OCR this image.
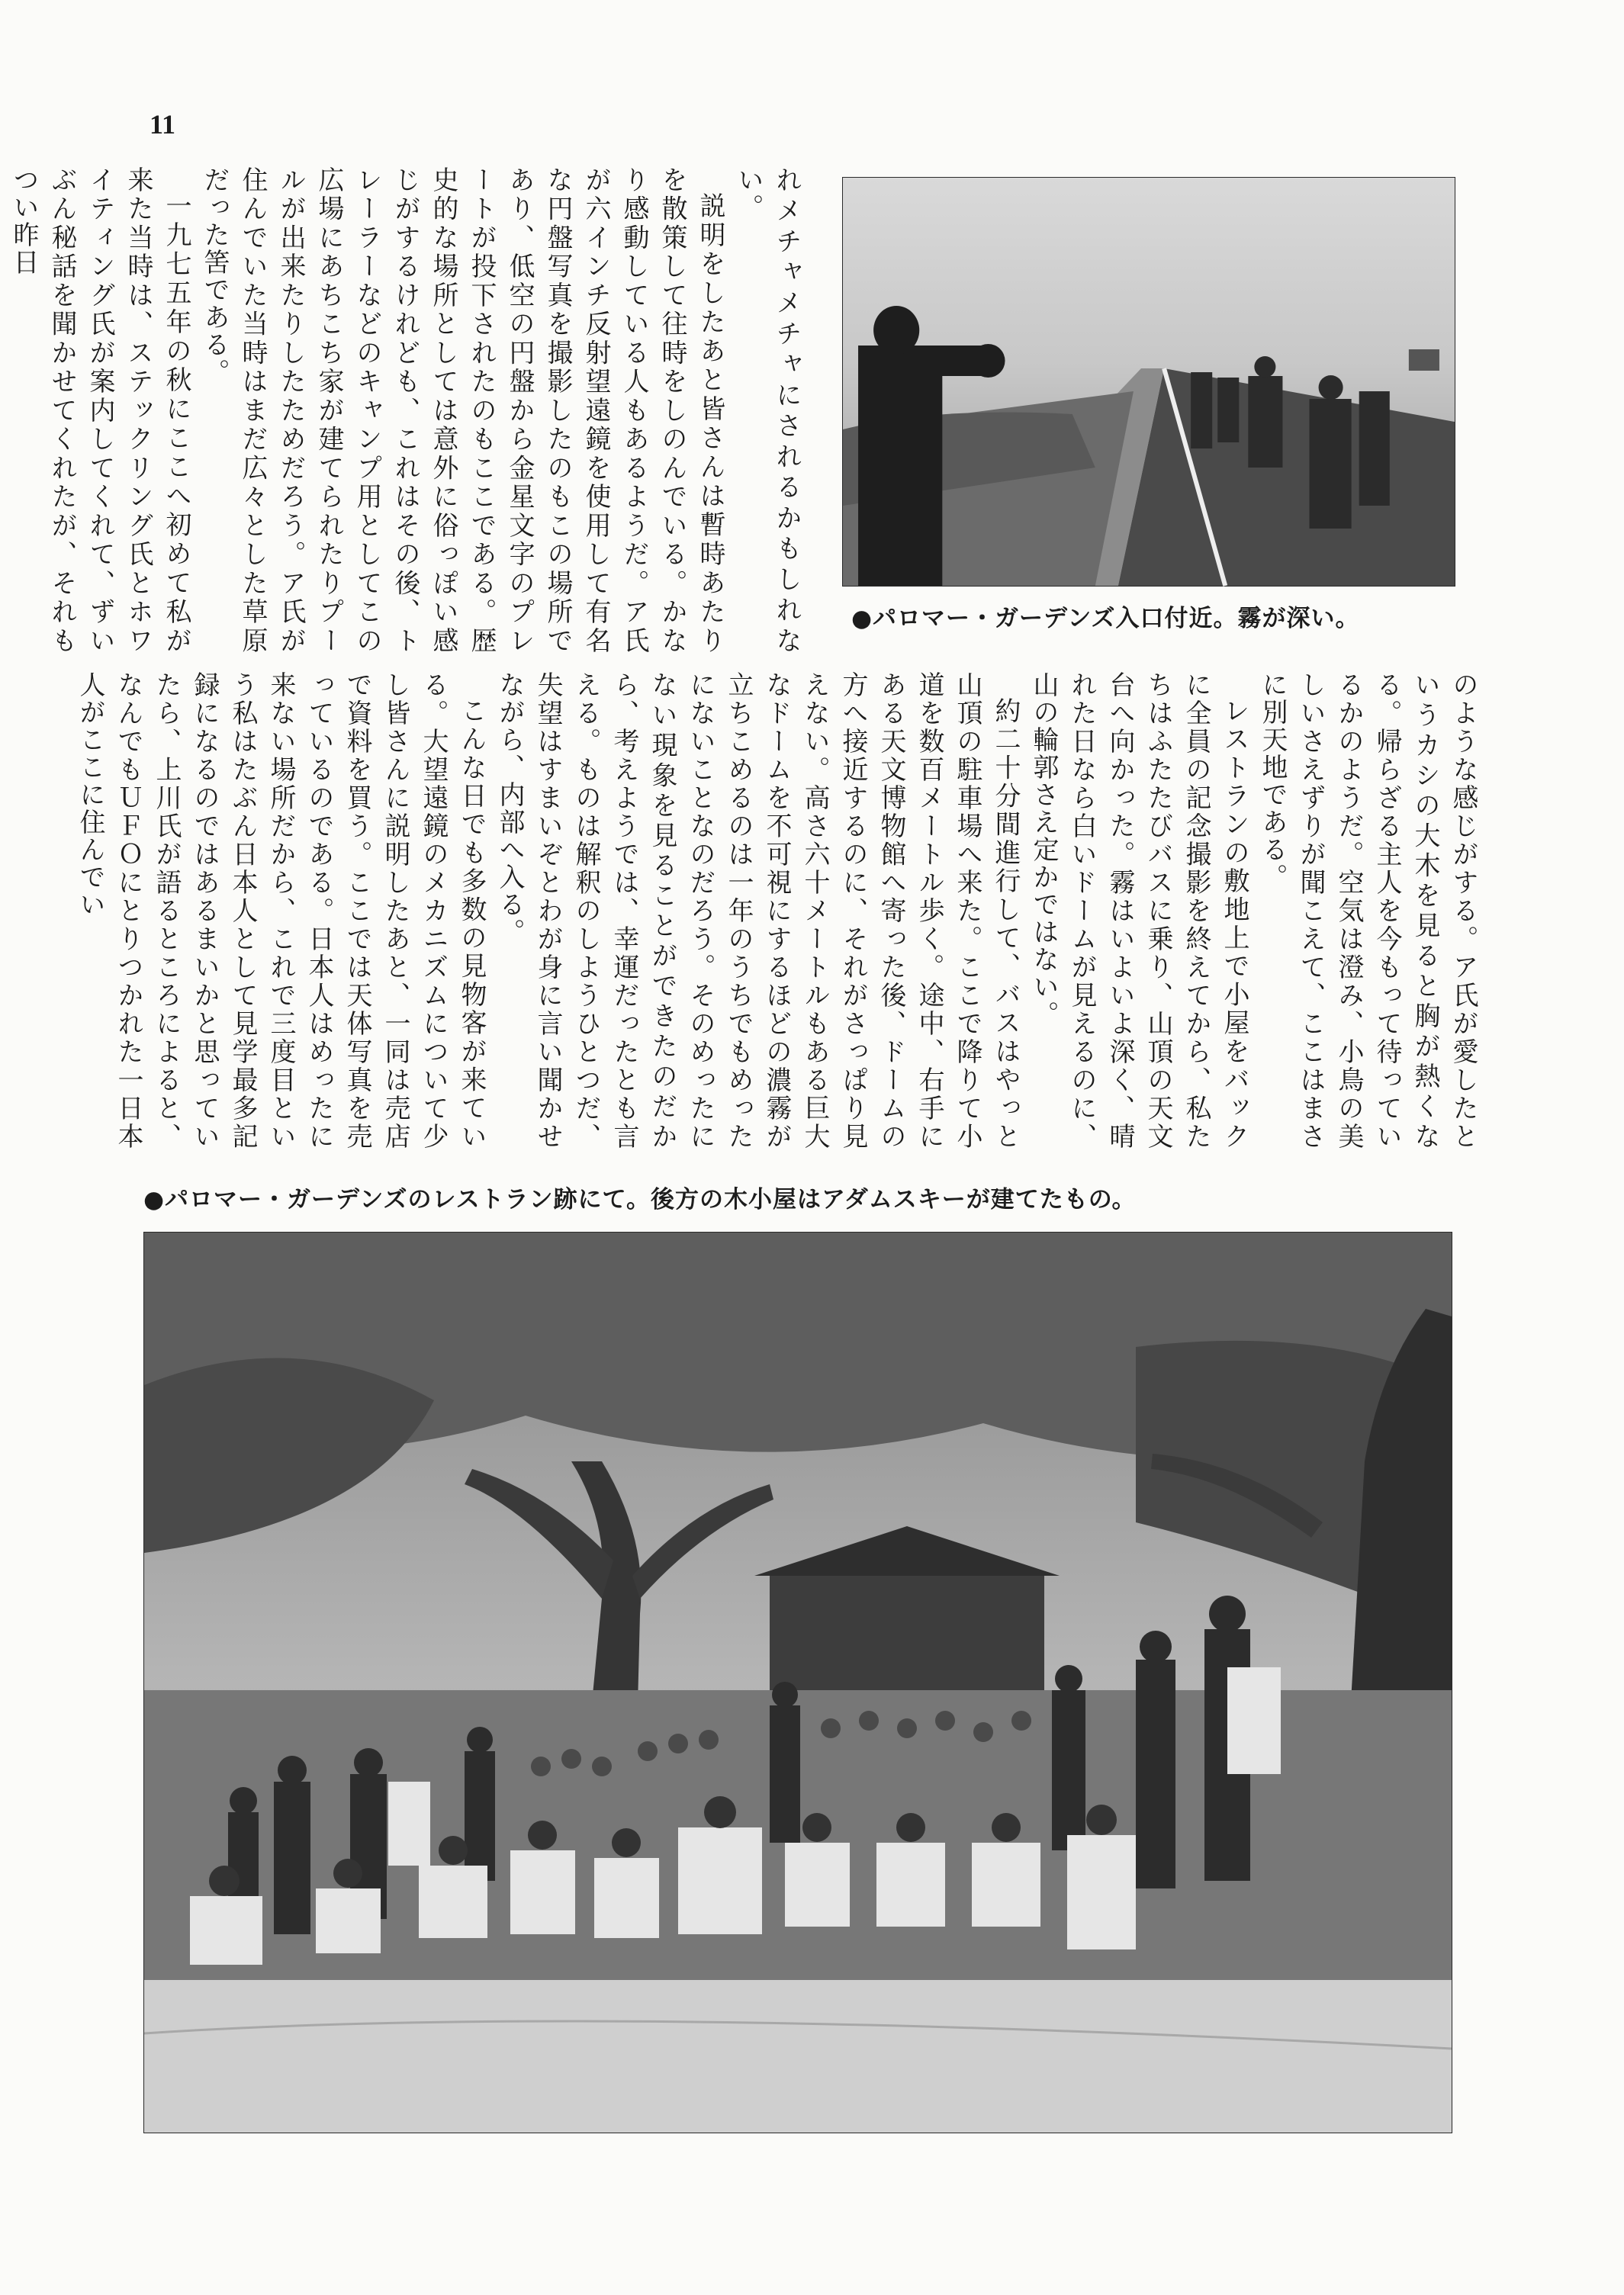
11

れメチャメチャにされるかもしれない。

説明をしたあと皆さんは暫時あたりを散策して往時をしのんでいる。かなり感動している人もあるようだ。ア氏が六インチ反射望遠鏡を使用して有名な円盤写真を撮影したのもこの場所であり、低空の円盤から金星文字のプレートが投下されたのもここである。歴史的な場所としては意外に俗っぽい感じがするけれども、これはその後、トレーラーなどのキャンプ用としてこの広場にあちこち家が建てられたりプールが出来たりしたためだろう。ア氏が住んでいた当時はまだ広々とした草原だった筈である。

一九七五年の秋にここへ初めて私が来た当時は、ステックリング氏とホワイティング氏が案内してくれて、ずいぶん秘話を聞かせてくれたが、それもつい昨日

●パロマー・ガーデンズ入口付近。霧が深い。

のような感じがする。ア氏が愛したというカシの大木を見ると胸が熱くなる。帰らざる主人を今もって待っているかのようだ。空気は澄み、小鳥の美しいさえずりが聞こえて、ここはまさに別天地である。

レストランの敷地上で小屋をバックに全員の記念撮影を終えてから、私たちはふたたびバスに乗り、山頂の天文台へ向かった。霧はいよいよ深く、晴れた日なら白いドームが見えるのに、山の輪郭さえ定かではない。

約二十分間進行して、バスはやっと山頂の駐車場へ来た。ここで降りて小道を数百メートル歩く。途中、右手にある天文博物館へ寄った後、ドームの方へ接近するのに、それがさっぱり見えない。高さ六十メートルもある巨大なドームを不可視にするほどの濃霧が立ちこめるのは一年のうちでもめったにないことなのだろう。そのめったにない現象を見ることができたのだから、考えようでは、幸運だったとも言える。ものは解釈のしようひとつだ、失望はすまいぞとわが身に言い聞かせながら、内部へ入る。

こんな日でも多数の見物客が来ている。大望遠鏡のメカニズムについて少し皆さんに説明したあと、一同は売店で資料を買う。ここでは天体写真を売っているのである。日本人はめったに来ない場所だから、これで三度目という私はたぶん日本人として見学最多記録になるのではあるまいかと思っていたら、上川氏が語るところによると、なんでもＵＦＯにとりつかれた一日本人がここに住んでい

●パロマー・ガーデンズのレストラン跡にて。後方の木小屋はアダムスキーが建てたもの。
